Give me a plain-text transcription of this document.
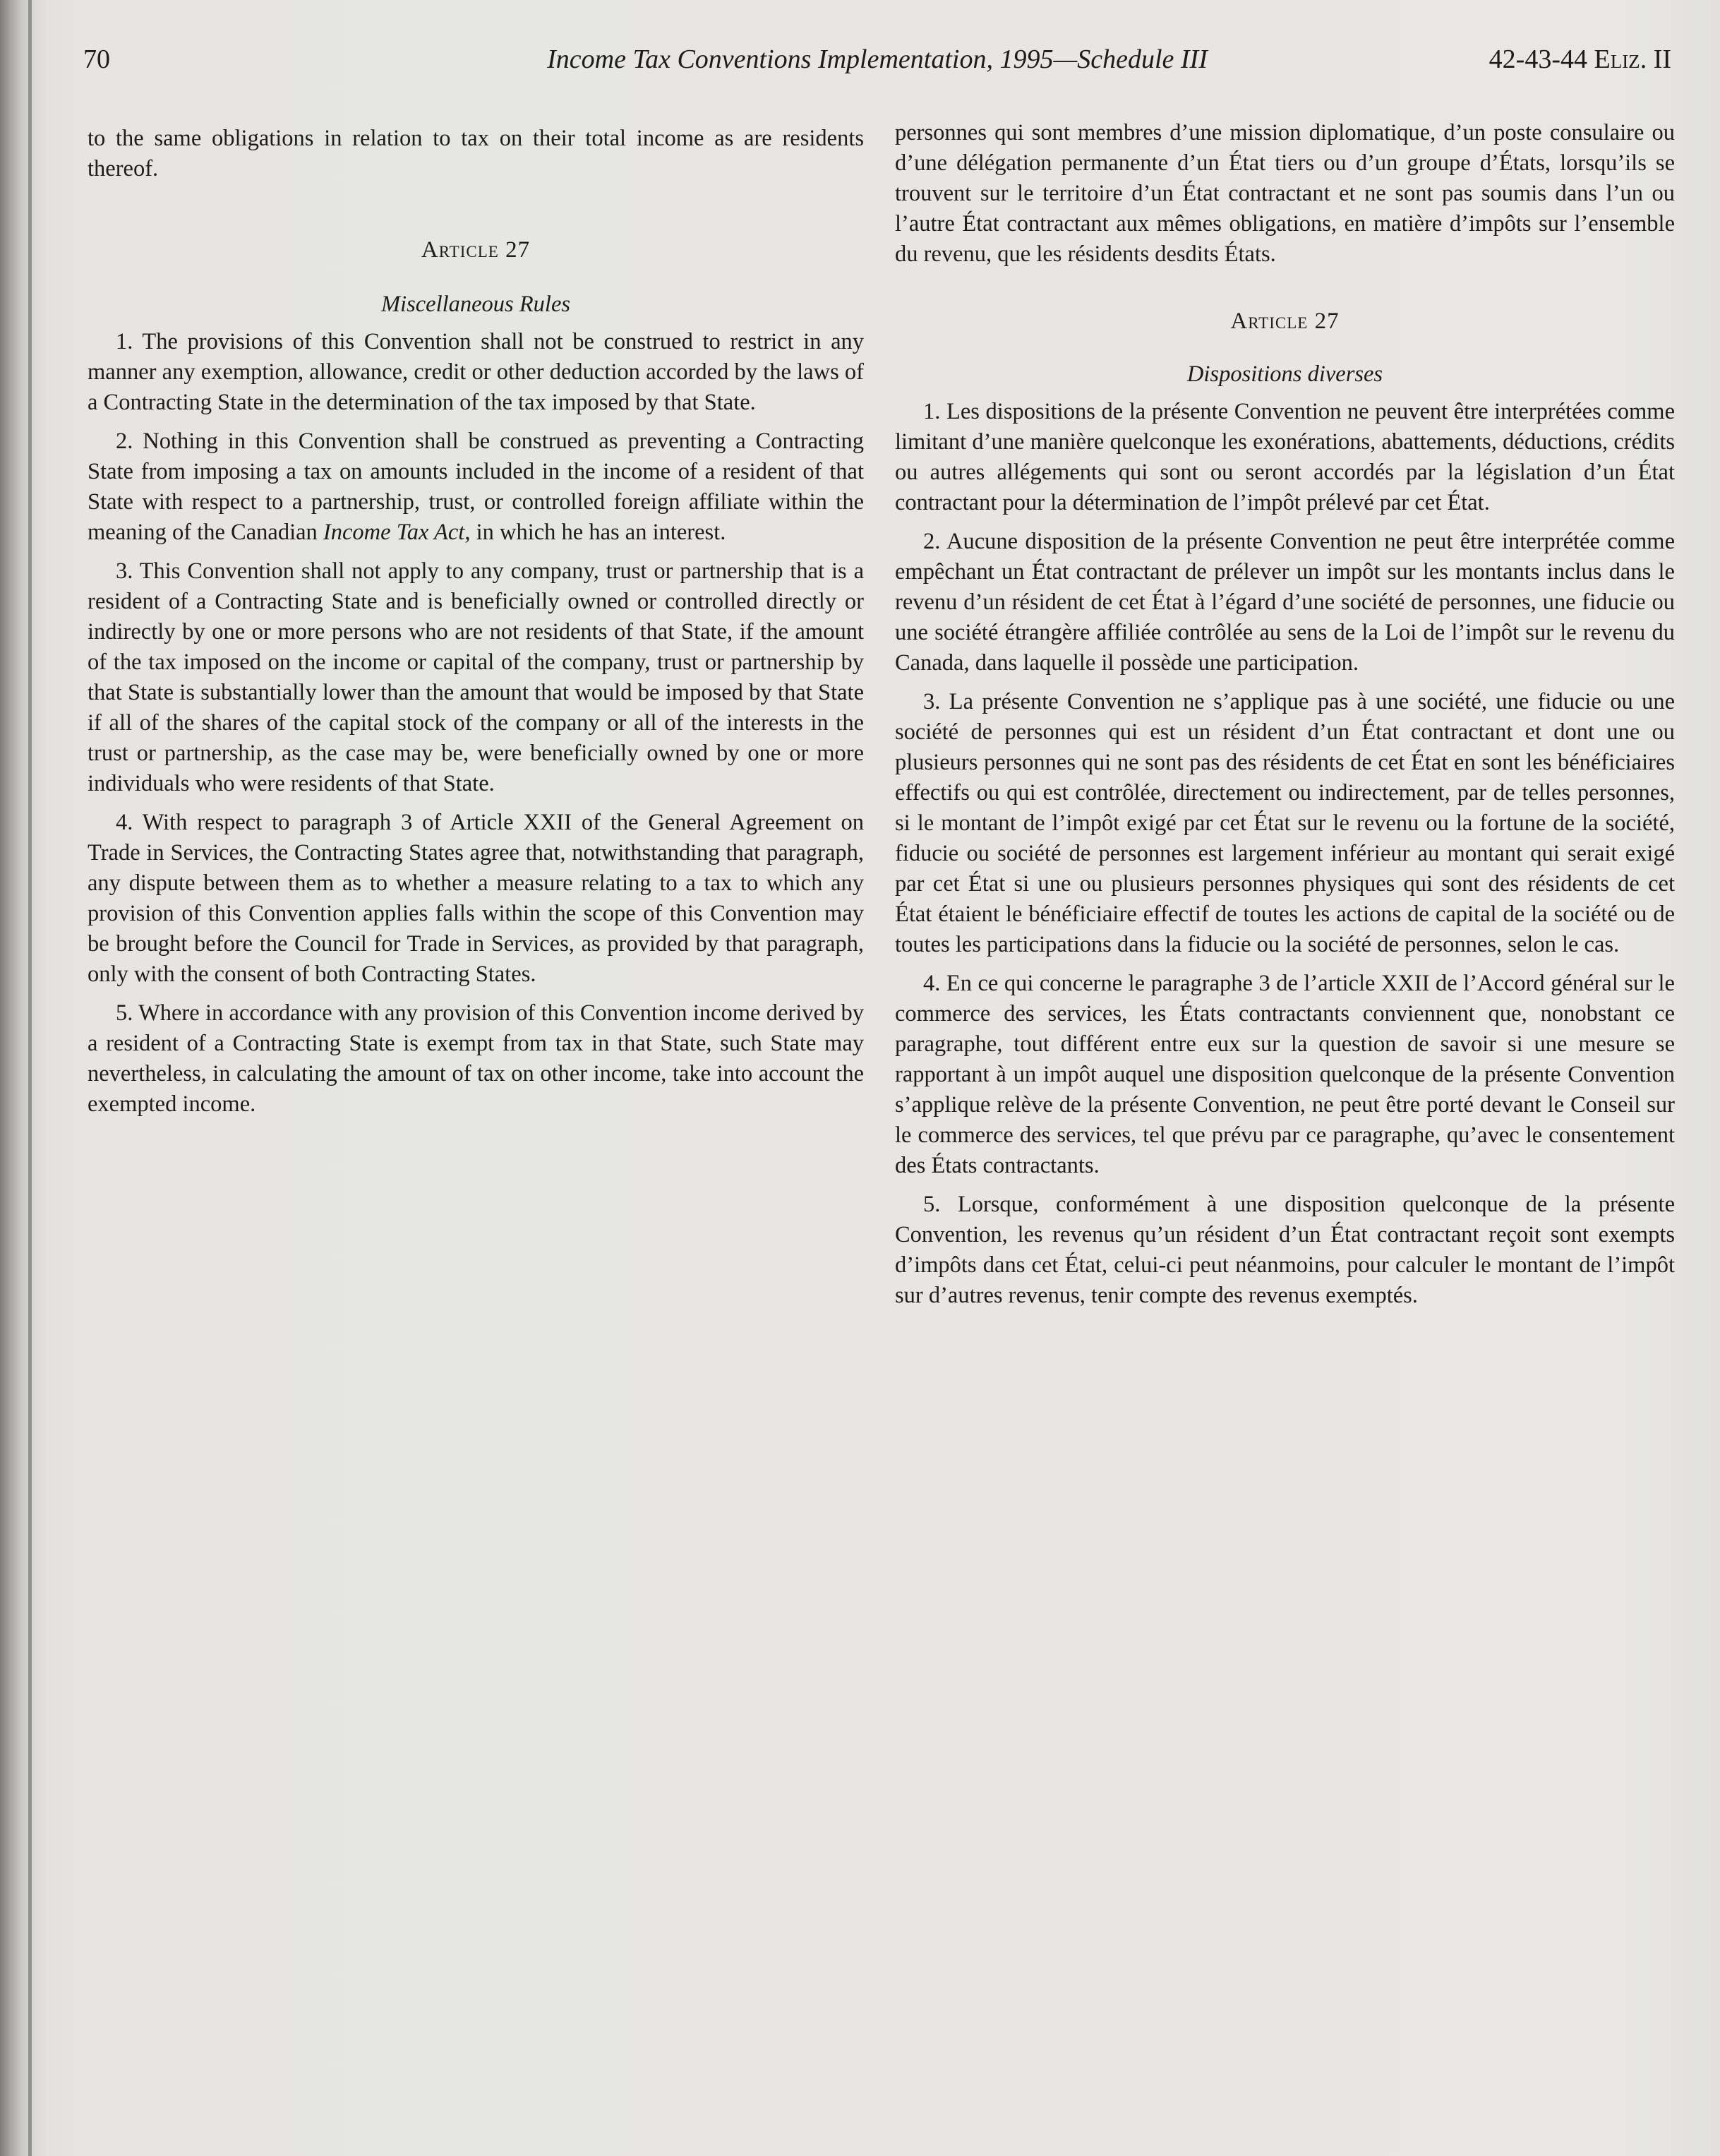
70	Income Tax Conventions Implementation, 1995—Schedule III	42-43-44 Eliz. II

to the same obligations in relation to tax on their total income as are residents thereof.

Article 27

Miscellaneous Rules

1. The provisions of this Convention shall not be construed to restrict in any manner any exemption, allowance, credit or other deduction accorded by the laws of a Contracting State in the determination of the tax imposed by that State.

2. Nothing in this Convention shall be construed as preventing a Contracting State from imposing a tax on amounts included in the income of a resident of that State with respect to a partnership, trust, or controlled foreign affiliate within the meaning of the Canadian Income Tax Act, in which he has an interest.

3. This Convention shall not apply to any company, trust or partnership that is a resident of a Contracting State and is beneficially owned or controlled directly or indirectly by one or more persons who are not residents of that State, if the amount of the tax imposed on the income or capital of the company, trust or partnership by that State is substantially lower than the amount that would be imposed by that State if all of the shares of the capital stock of the company or all of the interests in the trust or partnership, as the case may be, were beneficially owned by one or more individuals who were residents of that State.

4. With respect to paragraph 3 of Article XXII of the General Agreement on Trade in Services, the Contracting States agree that, notwithstanding that paragraph, any dispute between them as to whether a measure relating to a tax to which any provision of this Convention applies falls within the scope of this Convention may be brought before the Council for Trade in Services, as provided by that paragraph, only with the consent of both Contracting States.

5. Where in accordance with any provision of this Convention income derived by a resident of a Contracting State is exempt from tax in that State, such State may nevertheless, in calculating the amount of tax on other income, take into account the exempted income.

personnes qui sont membres d’une mission diplomatique, d’un poste consulaire ou d’une délégation permanente d’un État tiers ou d’un groupe d’États, lorsqu’ils se trouvent sur le territoire d’un État contractant et ne sont pas soumis dans l’un ou l’autre État contractant aux mêmes obligations, en matière d’impôts sur l’ensemble du revenu, que les résidents desdits États.

Article 27

Dispositions diverses

1. Les dispositions de la présente Convention ne peuvent être interprétées comme limitant d’une manière quelconque les exonérations, abattements, déductions, crédits ou autres allégements qui sont ou seront accordés par la législation d’un État contractant pour la détermination de l’impôt prélevé par cet État.

2. Aucune disposition de la présente Convention ne peut être interprétée comme empêchant un État contractant de prélever un impôt sur les montants inclus dans le revenu d’un résident de cet État à l’égard d’une société de personnes, une fiducie ou une société étrangère affiliée contrôlée au sens de la Loi de l’impôt sur le revenu du Canada, dans laquelle il possède une participation.

3. La présente Convention ne s’applique pas à une société, une fiducie ou une société de personnes qui est un résident d’un État contractant et dont une ou plusieurs personnes qui ne sont pas des résidents de cet État en sont les bénéficiaires effectifs ou qui est contrôlée, directement ou indirectement, par de telles personnes, si le montant de l’impôt exigé par cet État sur le revenu ou la fortune de la société, fiducie ou société de personnes est largement inférieur au montant qui serait exigé par cet État si une ou plusieurs personnes physiques qui sont des résidents de cet État étaient le bénéficiaire effectif de toutes les actions de capital de la société ou de toutes les participations dans la fiducie ou la société de personnes, selon le cas.

4. En ce qui concerne le paragraphe 3 de l’article XXII de l’Accord général sur le commerce des services, les États contractants conviennent que, nonobstant ce paragraphe, tout différent entre eux sur la question de savoir si une mesure se rapportant à un impôt auquel une disposition quelconque de la présente Convention s’applique relève de la présente Convention, ne peut être porté devant le Conseil sur le commerce des services, tel que prévu par ce paragraphe, qu’avec le consentement des États contractants.

5. Lorsque, conformément à une disposition quelconque de la présente Convention, les revenus qu’un résident d’un État contractant reçoit sont exempts d’impôts dans cet État, celui-ci peut néanmoins, pour calculer le montant de l’impôt sur d’autres revenus, tenir compte des revenus exemptés.
